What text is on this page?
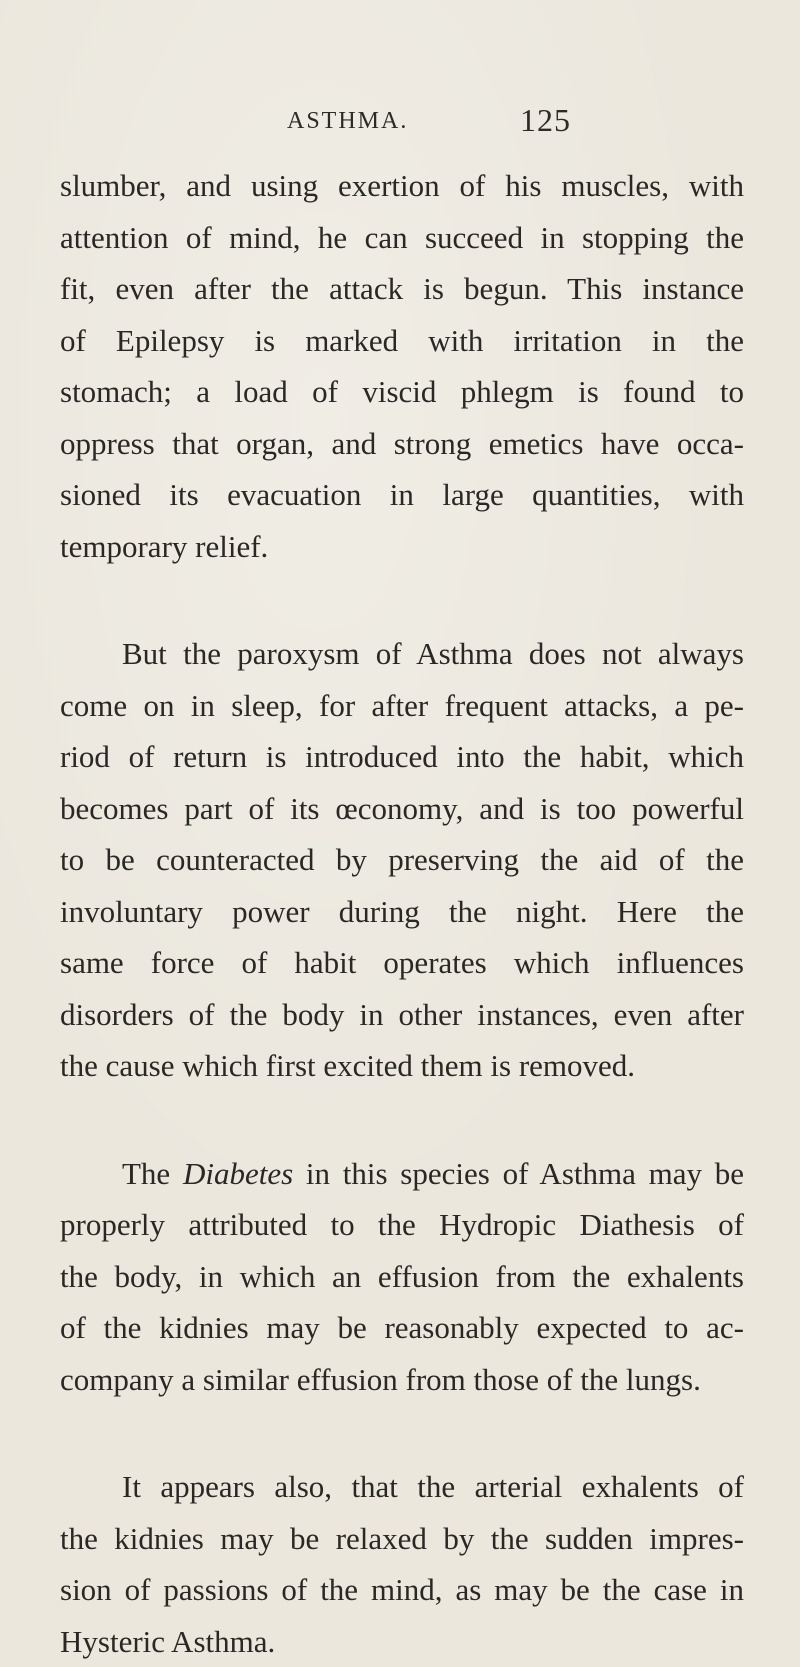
ASTHMA.	125
slumber, and using exertion of his muscles, with
attention of mind, he can succeed in stopping the
fit, even after the attack is begun. This instance
of Epilepsy is marked with irritation in the
stomach; a load of viscid phlegm is found to
oppress that organ, and strong emetics have occa-
sioned its evacuation in large quantities, with
temporary relief.
But the paroxysm of Asthma does not always
come on in sleep, for after frequent attacks, a pe-
riod of return is introduced into the habit, which
becomes part of its œconomy, and is too powerful
to be counteracted by preserving the aid of the
involuntary power during the night. Here the
same force of habit operates which influences
disorders of the body in other instances, even after
the cause which first excited them is removed.
The Diabetes in this species of Asthma may be
properly attributed to the Hydropic Diathesis of
the body, in which an effusion from the exhalents
of the kidnies may be reasonably expected to ac-
company a similar effusion from those of the lungs.
It appears also, that the arterial exhalents of
the kidnies may be relaxed by the sudden impres-
sion of passions of the mind, as may be the case in
Hysteric Asthma.
